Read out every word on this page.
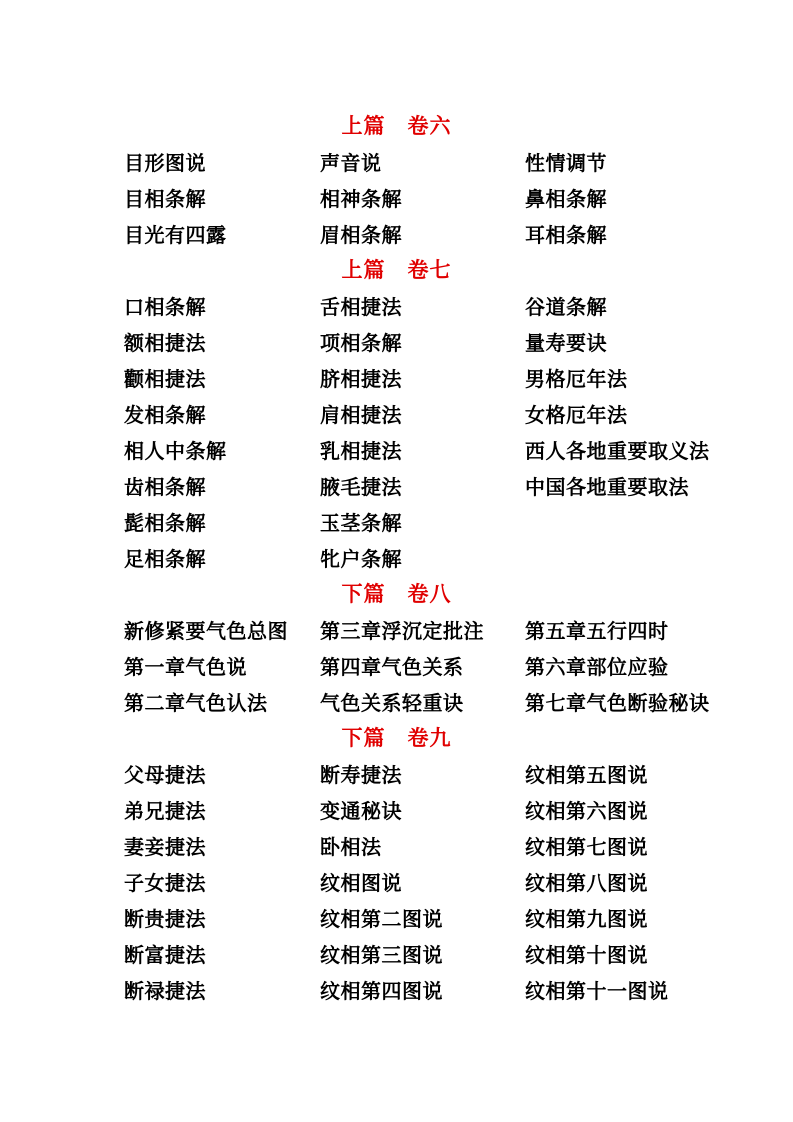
上篇　卷六
目形图说	声音说	性情调节
目相条解	相神条解	鼻相条解
目光有四露	眉相条解	耳相条解
上篇　卷七
口相条解	舌相捷法	谷道条解
额相捷法	项相条解	量寿要诀
颧相捷法	脐相捷法	男格厄年法
发相条解	肩相捷法	女格厄年法
相人中条解	乳相捷法	西人各地重要取义法
齿相条解	腋毛捷法	中国各地重要取法
髭相条解	玉茎条解
足相条解	牝户条解
下篇　卷八
新修紧要气色总图	第三章浮沉定批注	第五章五行四时
第一章气色说	第四章气色关系	第六章部位应验
第二章气色认法	气色关系轻重诀	第七章气色断验秘诀
下篇　卷九
父母捷法	断寿捷法	纹相第五图说
弟兄捷法	变通秘诀	纹相第六图说
妻妾捷法	卧相法	纹相第七图说
子女捷法	纹相图说	纹相第八图说
断贵捷法	纹相第二图说	纹相第九图说
断富捷法	纹相第三图说	纹相第十图说
断禄捷法	纹相第四图说	纹相第十一图说
